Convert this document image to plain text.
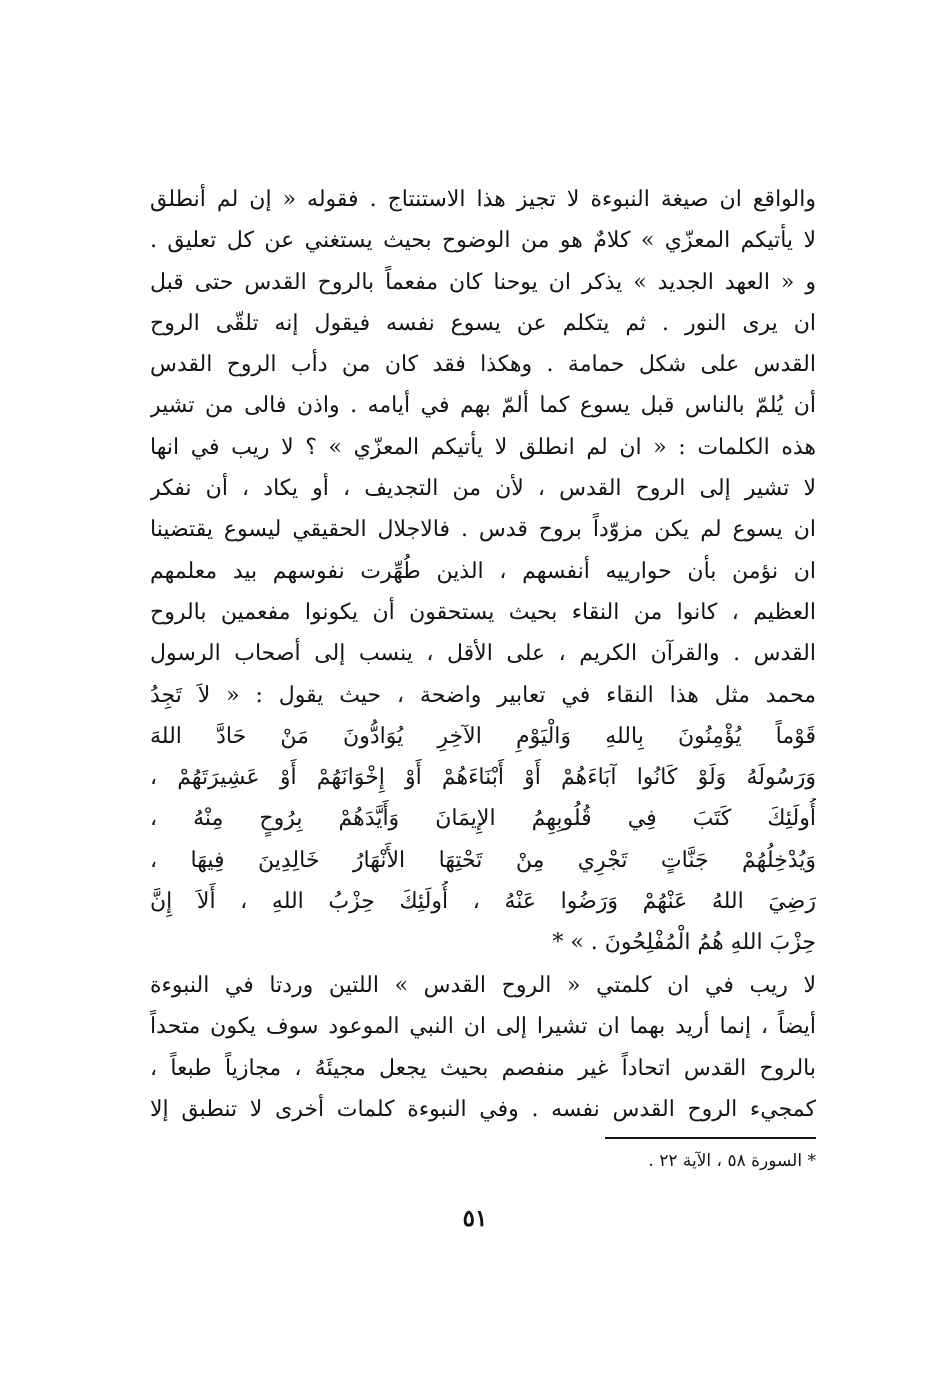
والواقع ان صيغة النبوءة لا تجيز هذا الاستنتاج . فقوله « إن لم أنطلق
لا يأتيكم المعزّي » كلامٌ هو من الوضوح بحيث يستغني عن كل تعليق .
و « العهد الجديد » يذكر ان يوحنا كان مفعماً بالروح القدس حتى قبل
ان يرى النور . ثم يتكلم عن يسوع نفسه فيقول إنه تلقّى الروح
القدس على شكل حمامة . وهكذا فقد كان من دأب الروح القدس
أن يُلمّ بالناس قبل يسوع كما ألمّ بهم في أيامه . واذن فالى من تشير
هذه الكلمات : « ان لم انطلق لا يأتيكم المعزّي » ؟ لا ريب في انها
لا تشير إلى الروح القدس ، لأن من التجديف ، أو يكاد ، أن نفكر
ان يسوع لم يكن مزوّداً بروح قدس . فالاجلال الحقيقي ليسوع يقتضينا
ان نؤمن بأن حوارييه أنفسهم ، الذين طُهِّرت نفوسهم بيد معلمهم
العظيم ، كانوا من النقاء بحيث يستحقون أن يكونوا مفعمين بالروح
القدس . والقرآن الكريم ، على الأقل ، ينسب إلى أصحاب الرسول
محمد مثل هذا النقاء في تعابير واضحة ، حيث يقول : « لاَ تَجِدُ
قَوْماً يُؤْمِنُونَ بِاللهِ وَالْيَوْمِ الآخِرِ يُوَادُّونَ مَنْ حَادَّ اللهَ
وَرَسُولَهُ وَلَوْ كَانُوا آبَاءَهُمْ أَوْ أَبْنَاءَهُمْ أَوْ إِخْوَانَهُمْ أَوْ عَشِيرَتَهُمْ ،
أُولَئِكَ كَتَبَ فِي قُلُوبِهِمُ الإِيمَانَ وَأَيَّدَهُمْ بِرُوحٍ مِنْهُ ،
وَيُدْخِلُهُمْ جَنَّاتٍ تَجْرِي مِنْ تَحْتِهَا الأَنْهَارُ خَالِدِينَ فِيهَا ،
رَضِيَ اللهُ عَنْهُمْ وَرَضُوا عَنْهُ ، أُولَئِكَ حِزْبُ اللهِ ، أَلاَ إِنَّ
حِزْبَ اللهِ هُمُ الْمُفْلِحُونَ . » *
لا ريب في ان كلمتي « الروح القدس » اللتين وردتا في النبوءة
أيضاً ، إنما أريد بهما ان تشيرا إلى ان النبي الموعود سوف يكون متحداً
بالروح القدس اتحاداً غير منفصم بحيث يجعل مجيئَهُ ، مجازياً طبعاً ،
كمجيء الروح القدس نفسه . وفي النبوءة كلمات أخرى لا تنطبق إلا
* السورة ٥٨ ، الآية ٢٢ .
٥١
